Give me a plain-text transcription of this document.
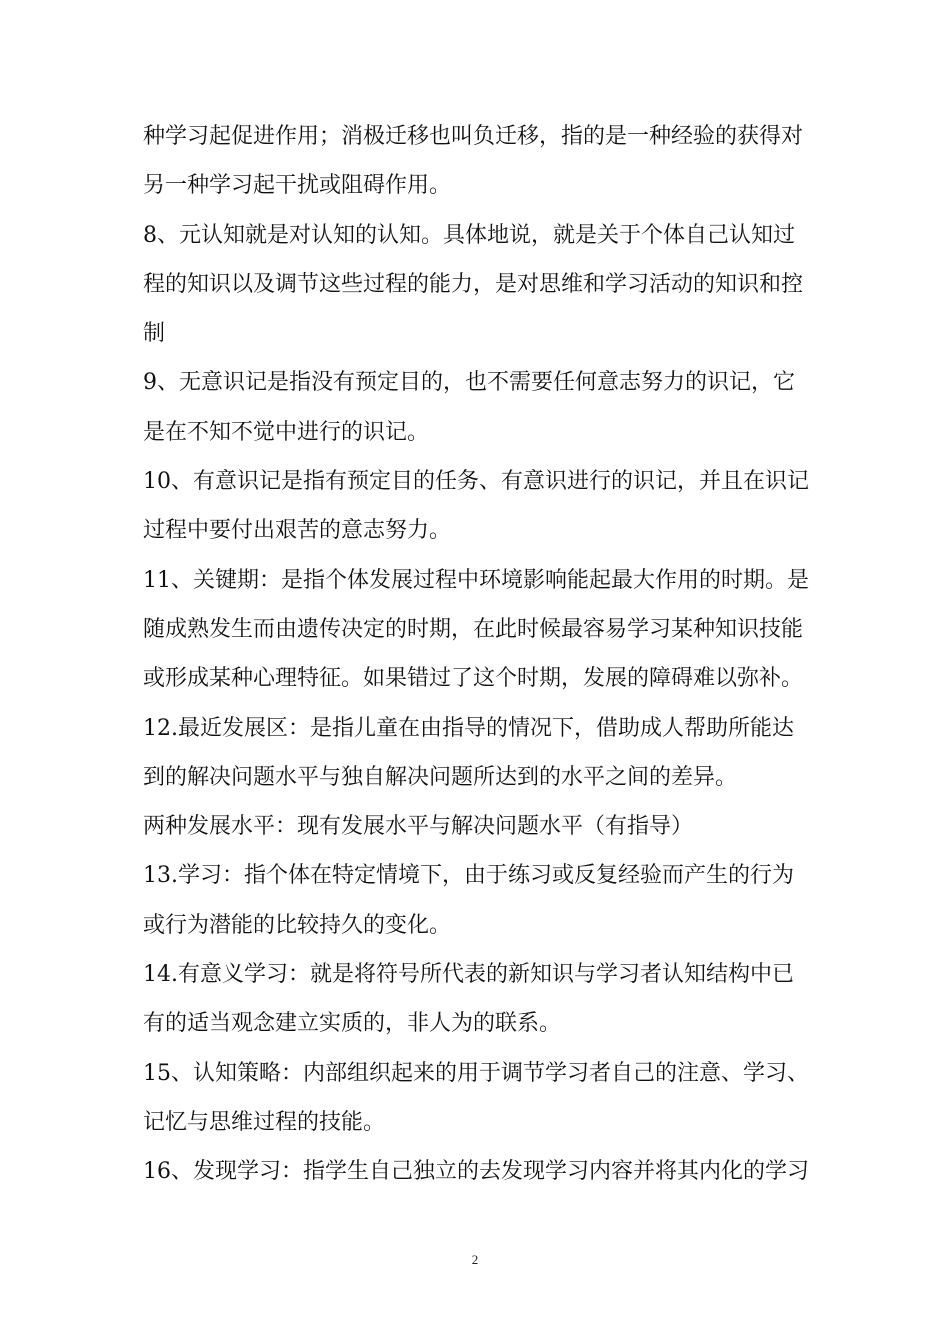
种学习起促进作用；消极迁移也叫负迁移，指的是一种经验的获得对
另一种学习起干扰或阻碍作用。
8、元认知就是对认知的认知。具体地说，就是关于个体自己认知过
程的知识以及调节这些过程的能力，是对思维和学习活动的知识和控
制
9、无意识记是指没有预定目的，也不需要任何意志努力的识记，它
是在不知不觉中进行的识记。
10、有意识记是指有预定目的任务、有意识进行的识记，并且在识记
过程中要付出艰苦的意志努力。
11、关键期：是指个体发展过程中环境影响能起最大作用的时期。是
随成熟发生而由遗传决定的时期，在此时候最容易学习某种知识技能
或形成某种心理特征。如果错过了这个时期，发展的障碍难以弥补。
12.最近发展区：是指儿童在由指导的情况下，借助成人帮助所能达
到的解决问题水平与独自解决问题所达到的水平之间的差异。
两种发展水平：现有发展水平与解决问题水平（有指导）
13.学习：指个体在特定情境下，由于练习或反复经验而产生的行为
或行为潜能的比较持久的变化。
14.有意义学习：就是将符号所代表的新知识与学习者认知结构中已
有的适当观念建立实质的，非人为的联系。
15、认知策略：内部组织起来的用于调节学习者自己的注意、学习、
记忆与思维过程的技能。
16、发现学习：指学生自己独立的去发现学习内容并将其内化的学习
2
